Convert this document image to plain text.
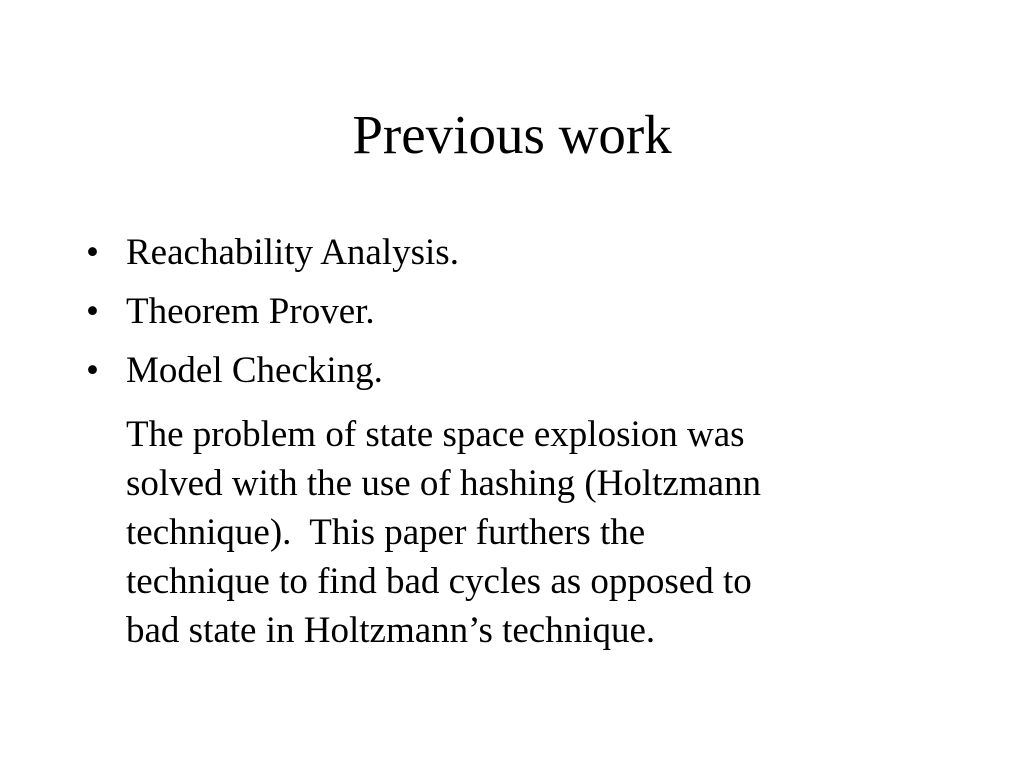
Previous work
• Reachability Analysis.
• Theorem Prover.
• Model Checking.

The problem of state space explosion was
solved with the use of hashing (Holtzmann
technique).  This paper furthers the
technique to find bad cycles as opposed to
bad state in Holtzmann’s technique.
